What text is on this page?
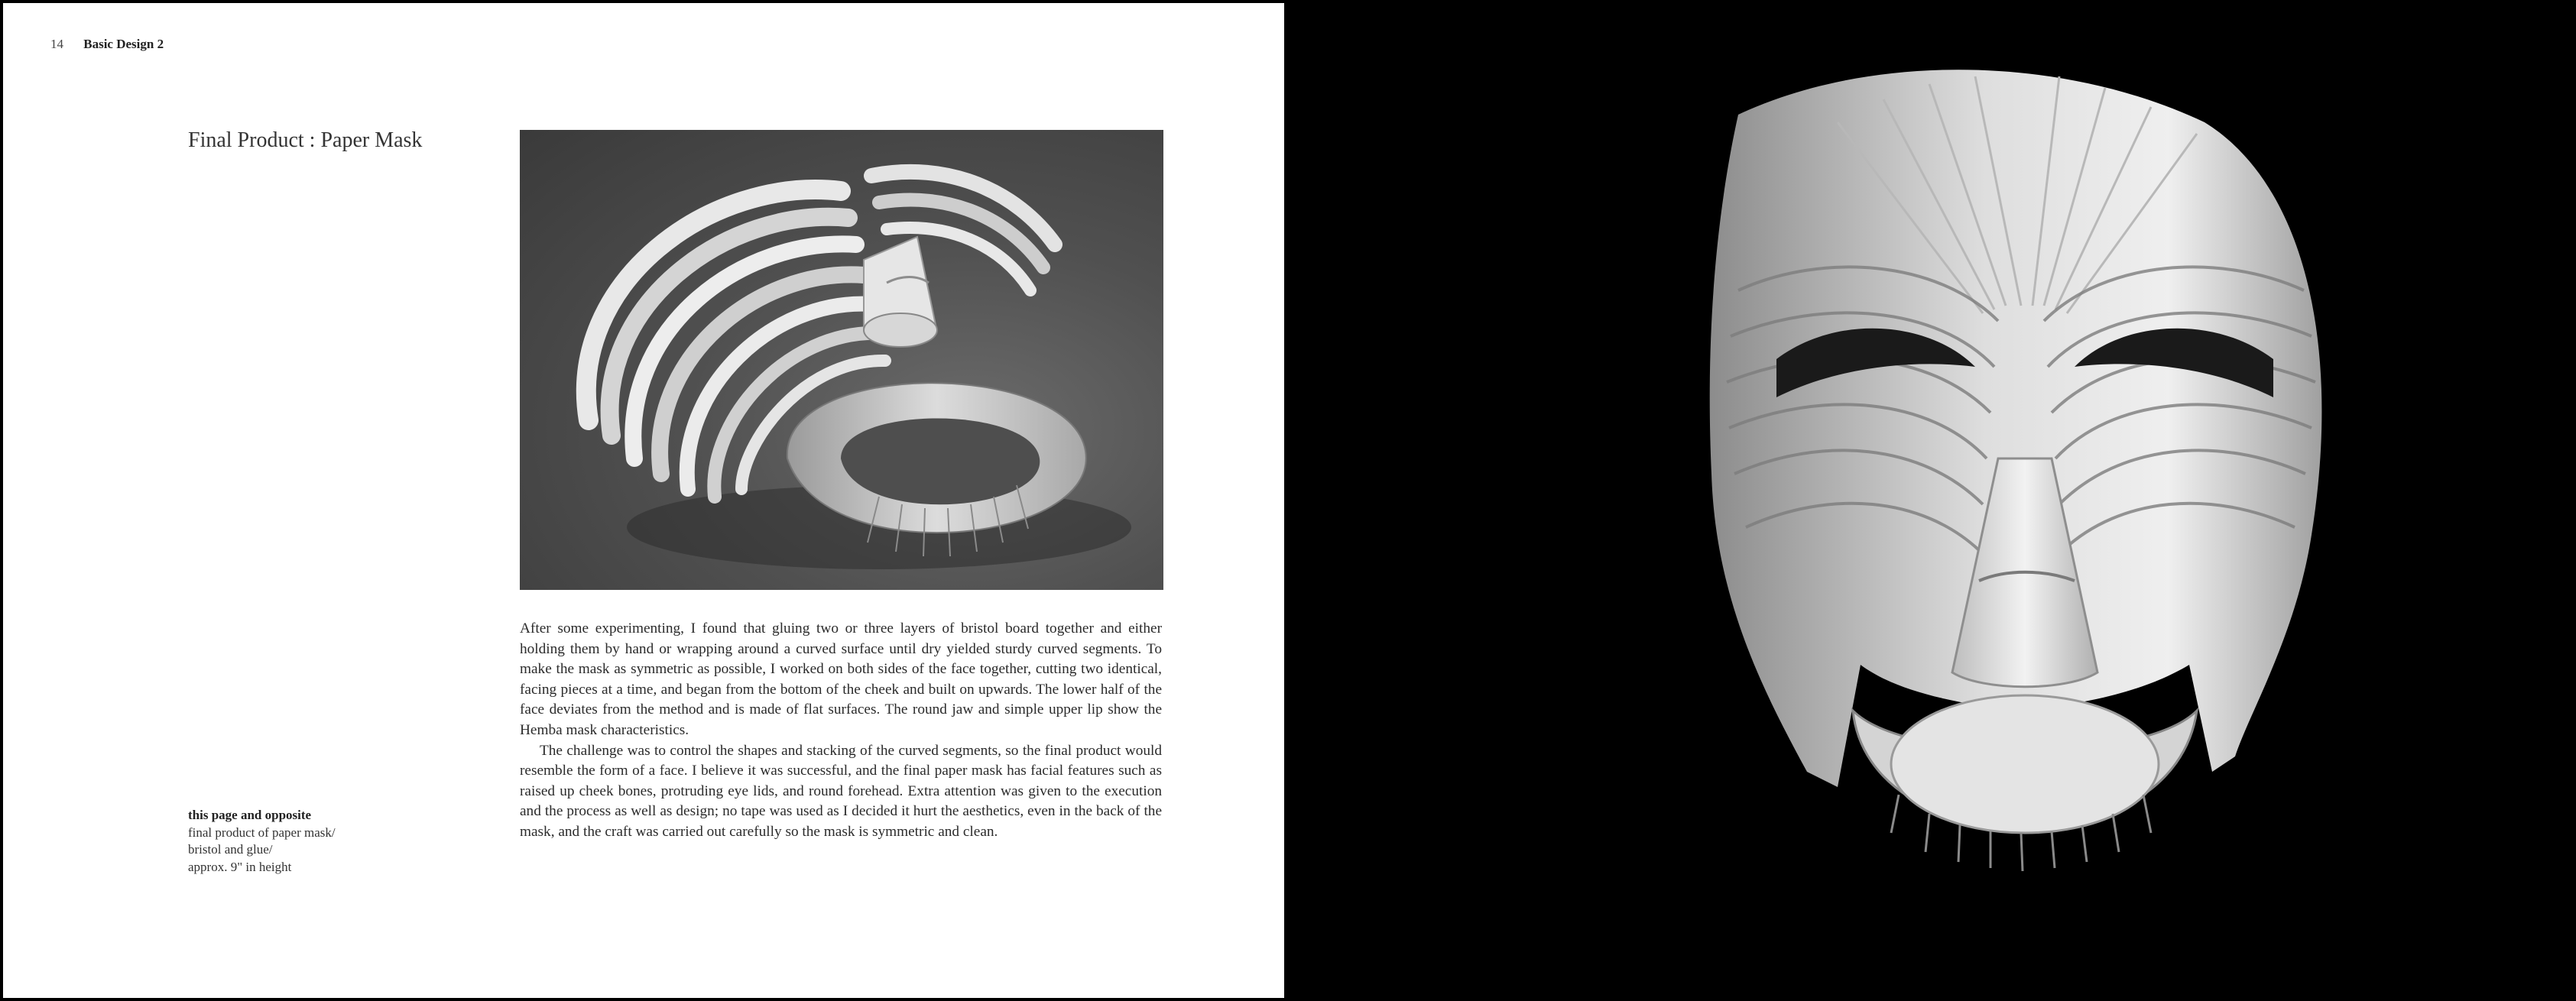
14 Basic Design 2
Final Product : Paper Mask

After some experimenting, I found that gluing two or three layers of bristol board together and either holding them by hand or wrapping around a curved surface until dry yielded sturdy curved segments. To make the mask as symmetric as possible, I worked on both sides of the face together, cutting two identical, facing pieces at a time, and began from the bottom of the cheek and built on upwards. The lower half of the face deviates from the method and is made of flat surfaces. The round jaw and simple upper lip show the Hemba mask characteristics.

The challenge was to control the shapes and stacking of the curved segments, so the final product would resemble the form of a face. I believe it was successful, and the final paper mask has facial features such as raised up cheek bones, protruding eye lids, and round forehead. Extra attention was given to the execution and the process as well as design; no tape was used as I decided it hurt the aesthetics, even in the back of the mask, and the craft was carried out carefully so the mask is symmetric and clean.

this page and opposite
final product of paper mask/
bristol and glue/
approx. 9" in height
